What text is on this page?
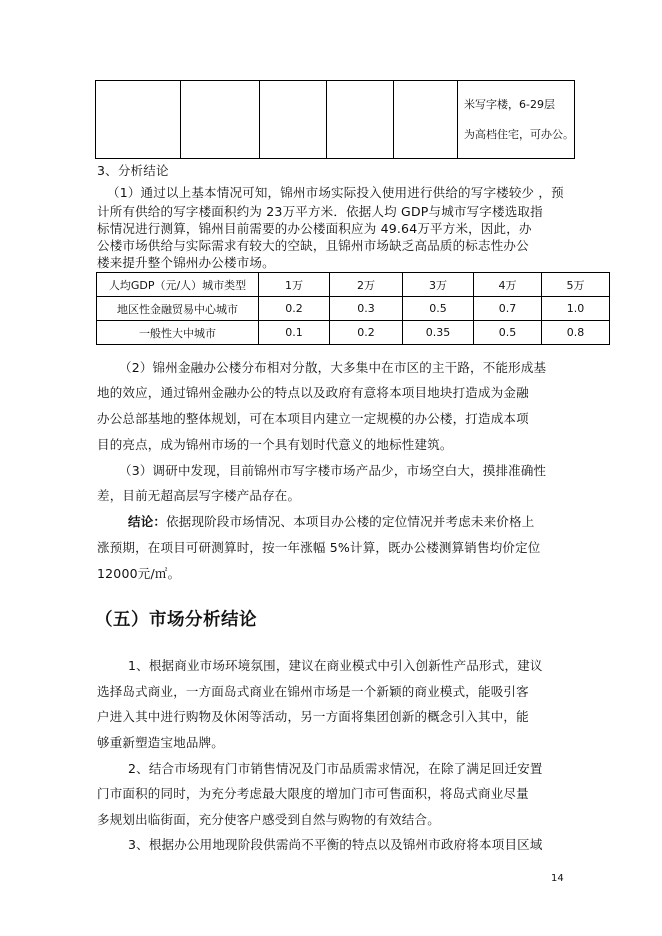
米写字楼，6-29层
为高档住宅，可办公。
3、分析结论
（1）通过以上基本情况可知，锦州市场实际投入使用进行供给的写字楼较少 ，预
计所有供给的写字楼面积约为 23万平方米．依据人均 GDP与城市写字楼选取指
标情况进行测算，锦州目前需要的办公楼面积应为 49.64万平方米，因此，办
公楼市场供给与实际需求有较大的空缺，且锦州市场缺乏高品质的标志性办公
楼来提升整个锦州办公楼市场。
人均GDP（元/人）城市类型	1万	2万	3万	4万	5万
地区性金融贸易中心城市	0.2	0.3	0.5	0.7	1.0
一般性大中城市	0.1	0.2	0.35	0.5	0.8
（2）锦州金融办公楼分布相对分散，大多集中在市区的主干路，不能形成基
地的效应，通过锦州金融办公的特点以及政府有意将本项目地块打造成为金融
办公总部基地的整体规划，可在本项目内建立一定规模的办公楼，打造成本项
目的亮点，成为锦州市场的一个具有划时代意义的地标性建筑。
（3）调研中发现，目前锦州市写字楼市场产品少，市场空白大，摸排准确性
差，目前无超高层写字楼产品存在。
结论：依据现阶段市场情况、本项目办公楼的定位情况并考虑未来价格上
涨预期，在项目可研测算时，按一年涨幅 5%计算，既办公楼测算销售均价定位
12000元/㎡。
（五）市场分析结论
1、根据商业市场环境氛围，建议在商业模式中引入创新性产品形式，建议
选择岛式商业，一方面岛式商业在锦州市场是一个新颖的商业模式，能吸引客
户进入其中进行购物及休闲等活动，另一方面将集团创新的概念引入其中，能
够重新塑造宝地品牌。
2、结合市场现有门市销售情况及门市品质需求情况，在除了满足回迁安置
门市面积的同时，为充分考虑最大限度的增加门市可售面积，将岛式商业尽量
多规划出临街面，充分使客户感受到自然与购物的有效结合。
3、根据办公用地现阶段供需尚不平衡的特点以及锦州市政府将本项目区域
14
